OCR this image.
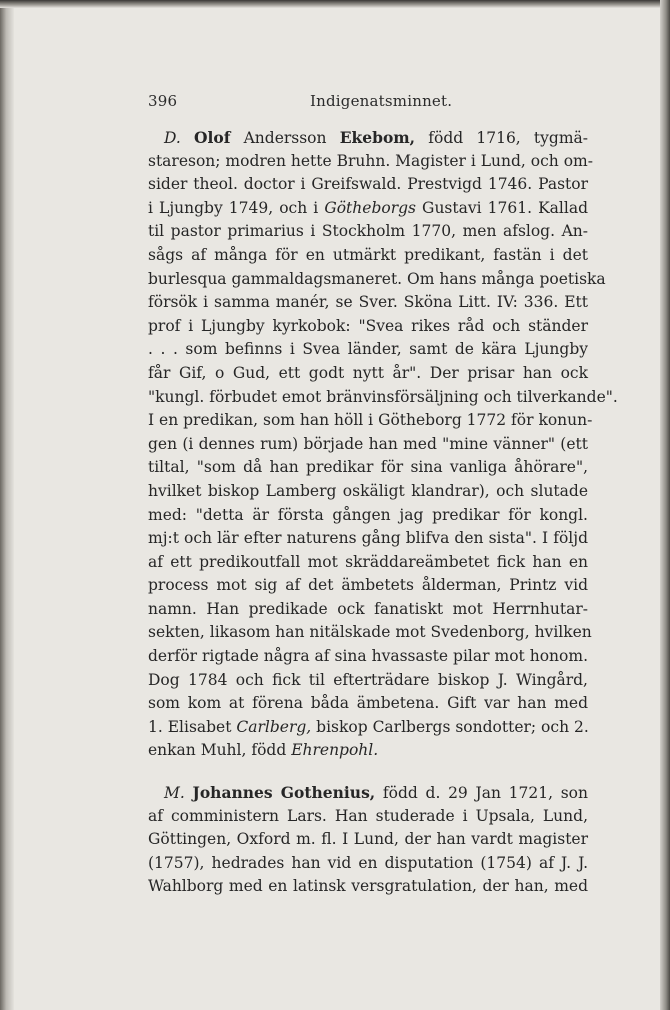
396	Indigenatsminnet.
D. Olof Andersson Ekebom, född 1716, tygmä-
stareson; modren hette Bruhn. Magister i Lund, och om-
sider theol. doctor i Greifswald. Prestvigd 1746. Pastor
i Ljungby 1749, och i Götheborgs Gustavi 1761. Kallad
til pastor primarius i Stockholm 1770, men afslog. An-
sågs af många för en utmärkt predikant, fastän i det
burlesqua gammaldagsmaneret. Om hans många poetiska
försök i samma manér, se Sver. Sköna Litt. IV: 336. Ett
prof i Ljungby kyrkobok: "Svea rikes råd och ständer
. . . som befinns i Svea länder, samt de kära Ljungby
får Gif, o Gud, ett godt nytt år". Der prisar han ock
"kungl. förbudet emot bränvinsförsäljning och tilverkande".
I en predikan, som han höll i Götheborg 1772 för konun-
gen (i dennes rum) började han med "mine vänner" (ett
tiltal, "som då han predikar för sina vanliga åhörare",
hvilket biskop Lamberg oskäligt klandrar), och slutade
med: "detta är första gången jag predikar för kongl.
mj:t och lär efter naturens gång blifva den sista". I följd
af ett predikoutfall mot skräddareämbetet fick han en
process mot sig af det ämbetets ålderman, Printz vid
namn. Han predikade ock fanatiskt mot Herrnhutar-
sekten, likasom han nitälskade mot Svedenborg, hvilken
derför rigtade några af sina hvassaste pilar mot honom.
Dog 1784 och fick til efterträdare biskop J. Wingård,
som kom at förena båda ämbetena. Gift var han med
1. Elisabet Carlberg, biskop Carlbergs sondotter; och 2.
enkan Muhl, född Ehrenpohl.
M. Johannes Gothenius, född d. 29 Jan 1721, son
af comministern Lars. Han studerade i Upsala, Lund,
Göttingen, Oxford m. fl. I Lund, der han vardt magister
(1757), hedrades han vid en disputation (1754) af J. J.
Wahlborg med en latinsk versgratulation, der han, med
